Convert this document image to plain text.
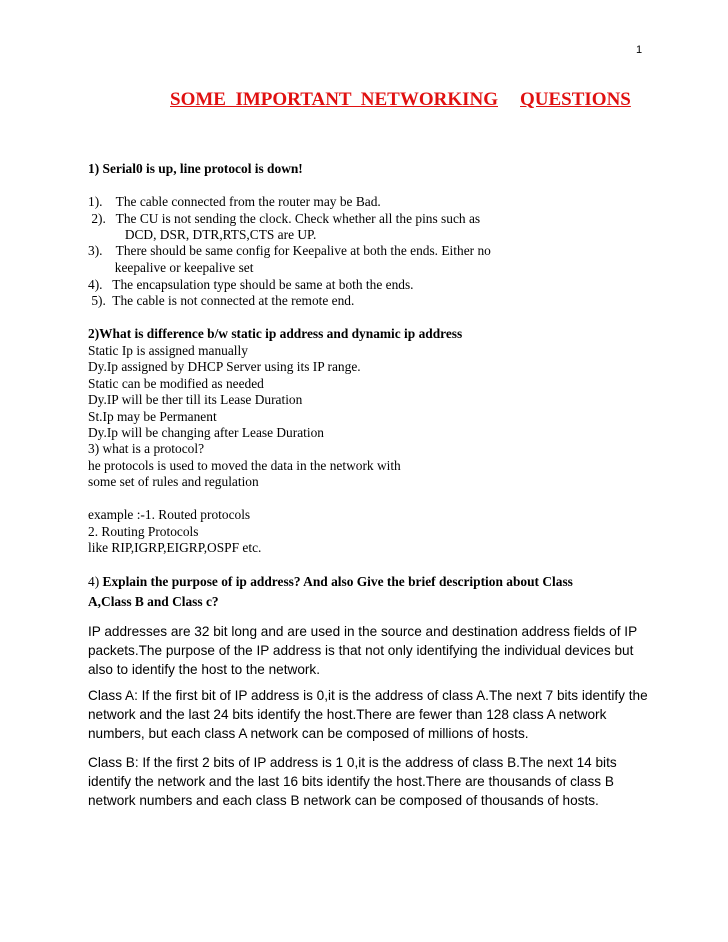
1
SOME  IMPORTANT  NETWORKING QUESTIONS
1) Serial0 is up, line protocol is down!
1).    The cable connected from the router may be Bad.
2).   The CU is not sending the clock. Check whether all the pins such as
DCD, DSR, DTR,RTS,CTS are UP.
3).    There should be same config for Keepalive at both the ends. Either no
keepalive or keepalive set
4).   The encapsulation type should be same at both the ends.
5).  The cable is not connected at the remote end.
2)What is difference b/w static ip address and dynamic ip address
Static Ip is assigned manually
Dy.Ip assigned by DHCP Server using its IP range.
Static can be modified as needed
Dy.IP will be ther till its Lease Duration
St.Ip may be Permanent
Dy.Ip will be changing after Lease Duration
3) what is a protocol?
he protocols is used to moved the data in the network with
some set of rules and regulation
example :-1. Routed protocols
2. Routing Protocols
like RIP,IGRP,EIGRP,OSPF etc.
4) Explain the purpose of ip address? And also Give the brief description about Class
A,Class B and Class c?
IP addresses are 32 bit long and are used in the source and destination address fields of IP packets.The purpose of the IP address is that not only identifying the individual devices but also to identify the host to the network.
Class A: If the first bit of IP address is 0,it is the address of class A.The next 7 bits identify the network and the last 24 bits identify the host.There are fewer than 128 class A network numbers, but each class A network can be composed of millions of hosts.
Class B: If the first 2 bits of IP address is 1 0,it is the address of class B.The next 14 bits identify the network and the last 16 bits identify the host.There are thousands of class B network numbers and each class B network can be composed of thousands of hosts.
